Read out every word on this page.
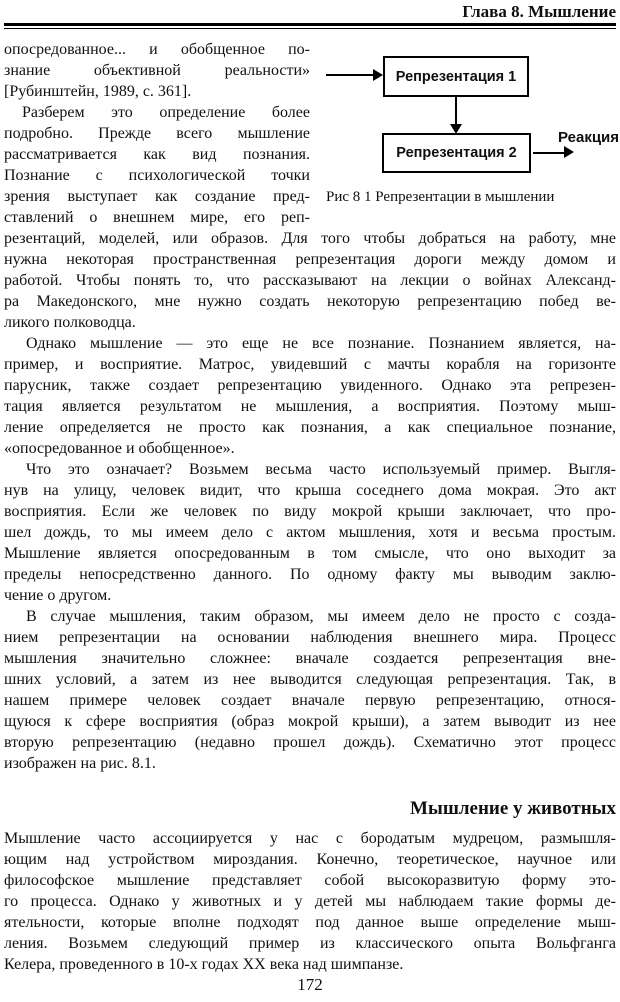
Глава 8. Мышление
опосредованное... и обобщенное по-
знание объективной реальности»
[Рубинштейн, 1989, с. 361].
Разберем это определение более
подробно. Прежде всего мышление
рассматривается как вид познания.
Познание с психологической точки
зрения выступает как создание пред-
ставлений о внешнем мире, его реп-
Репрезентация 1
Репрезентация 2
Реакция
Рис 8 1 Репрезентации в мышлении
резентаций, моделей, или образов. Для того чтобы добраться на работу, мне
нужна некоторая пространственная репрезентация дороги между домом и
работой. Чтобы понять то, что рассказывают на лекции о войнах Александ-
ра Македонского, мне нужно создать некоторую репрезентацию побед ве-
ликого полководца.
Однако мышление — это еще не все познание. Познанием является, на-
пример, и восприятие. Матрос, увидевший с мачты корабля на горизонте
парусник, также создает репрезентацию увиденного. Однако эта репрезен-
тация является результатом не мышления, а восприятия. Поэтому мыш-
ление определяется не просто как познания, а как специальное познание,
«опосредованное и обобщенное».
Что это означает? Возьмем весьма часто используемый пример. Выгля-
нув на улицу, человек видит, что крыша соседнего дома мокрая. Это акт
восприятия. Если же человек по виду мокрой крыши заключает, что про-
шел дождь, то мы имеем дело с актом мышления, хотя и весьма простым.
Мышление является опосредованным в том смысле, что оно выходит за
пределы непосредственно данного. По одному факту мы выводим заклю-
чение о другом.
В случае мышления, таким образом, мы имеем дело не просто с созда-
нием репрезентации на основании наблюдения внешнего мира. Процесс
мышления значительно сложнее: вначале создается репрезентация вне-
шних условий, а затем из нее выводится следующая репрезентация. Так, в
нашем примере человек создает вначале первую репрезентацию, относя-
щуюся к сфере восприятия (образ мокрой крыши), а затем выводит из нее
вторую репрезентацию (недавно прошел дождь). Схематично этот процесс
изображен на рис. 8.1.
Мышление у животных
Мышление часто ассоциируется у нас с бородатым мудрецом, размышля-
ющим над устройством мироздания. Конечно, теоретическое, научное или
философское мышление представляет собой высокоразвитую форму это-
го процесса. Однако у животных и у детей мы наблюдаем такие формы де-
ятельности, которые вполне подходят под данное выше определение мыш-
ления. Возьмем следующий пример из классического опыта Вольфганга
Келера, проведенного в 10-х годах XX века над шимпанзе.
172
